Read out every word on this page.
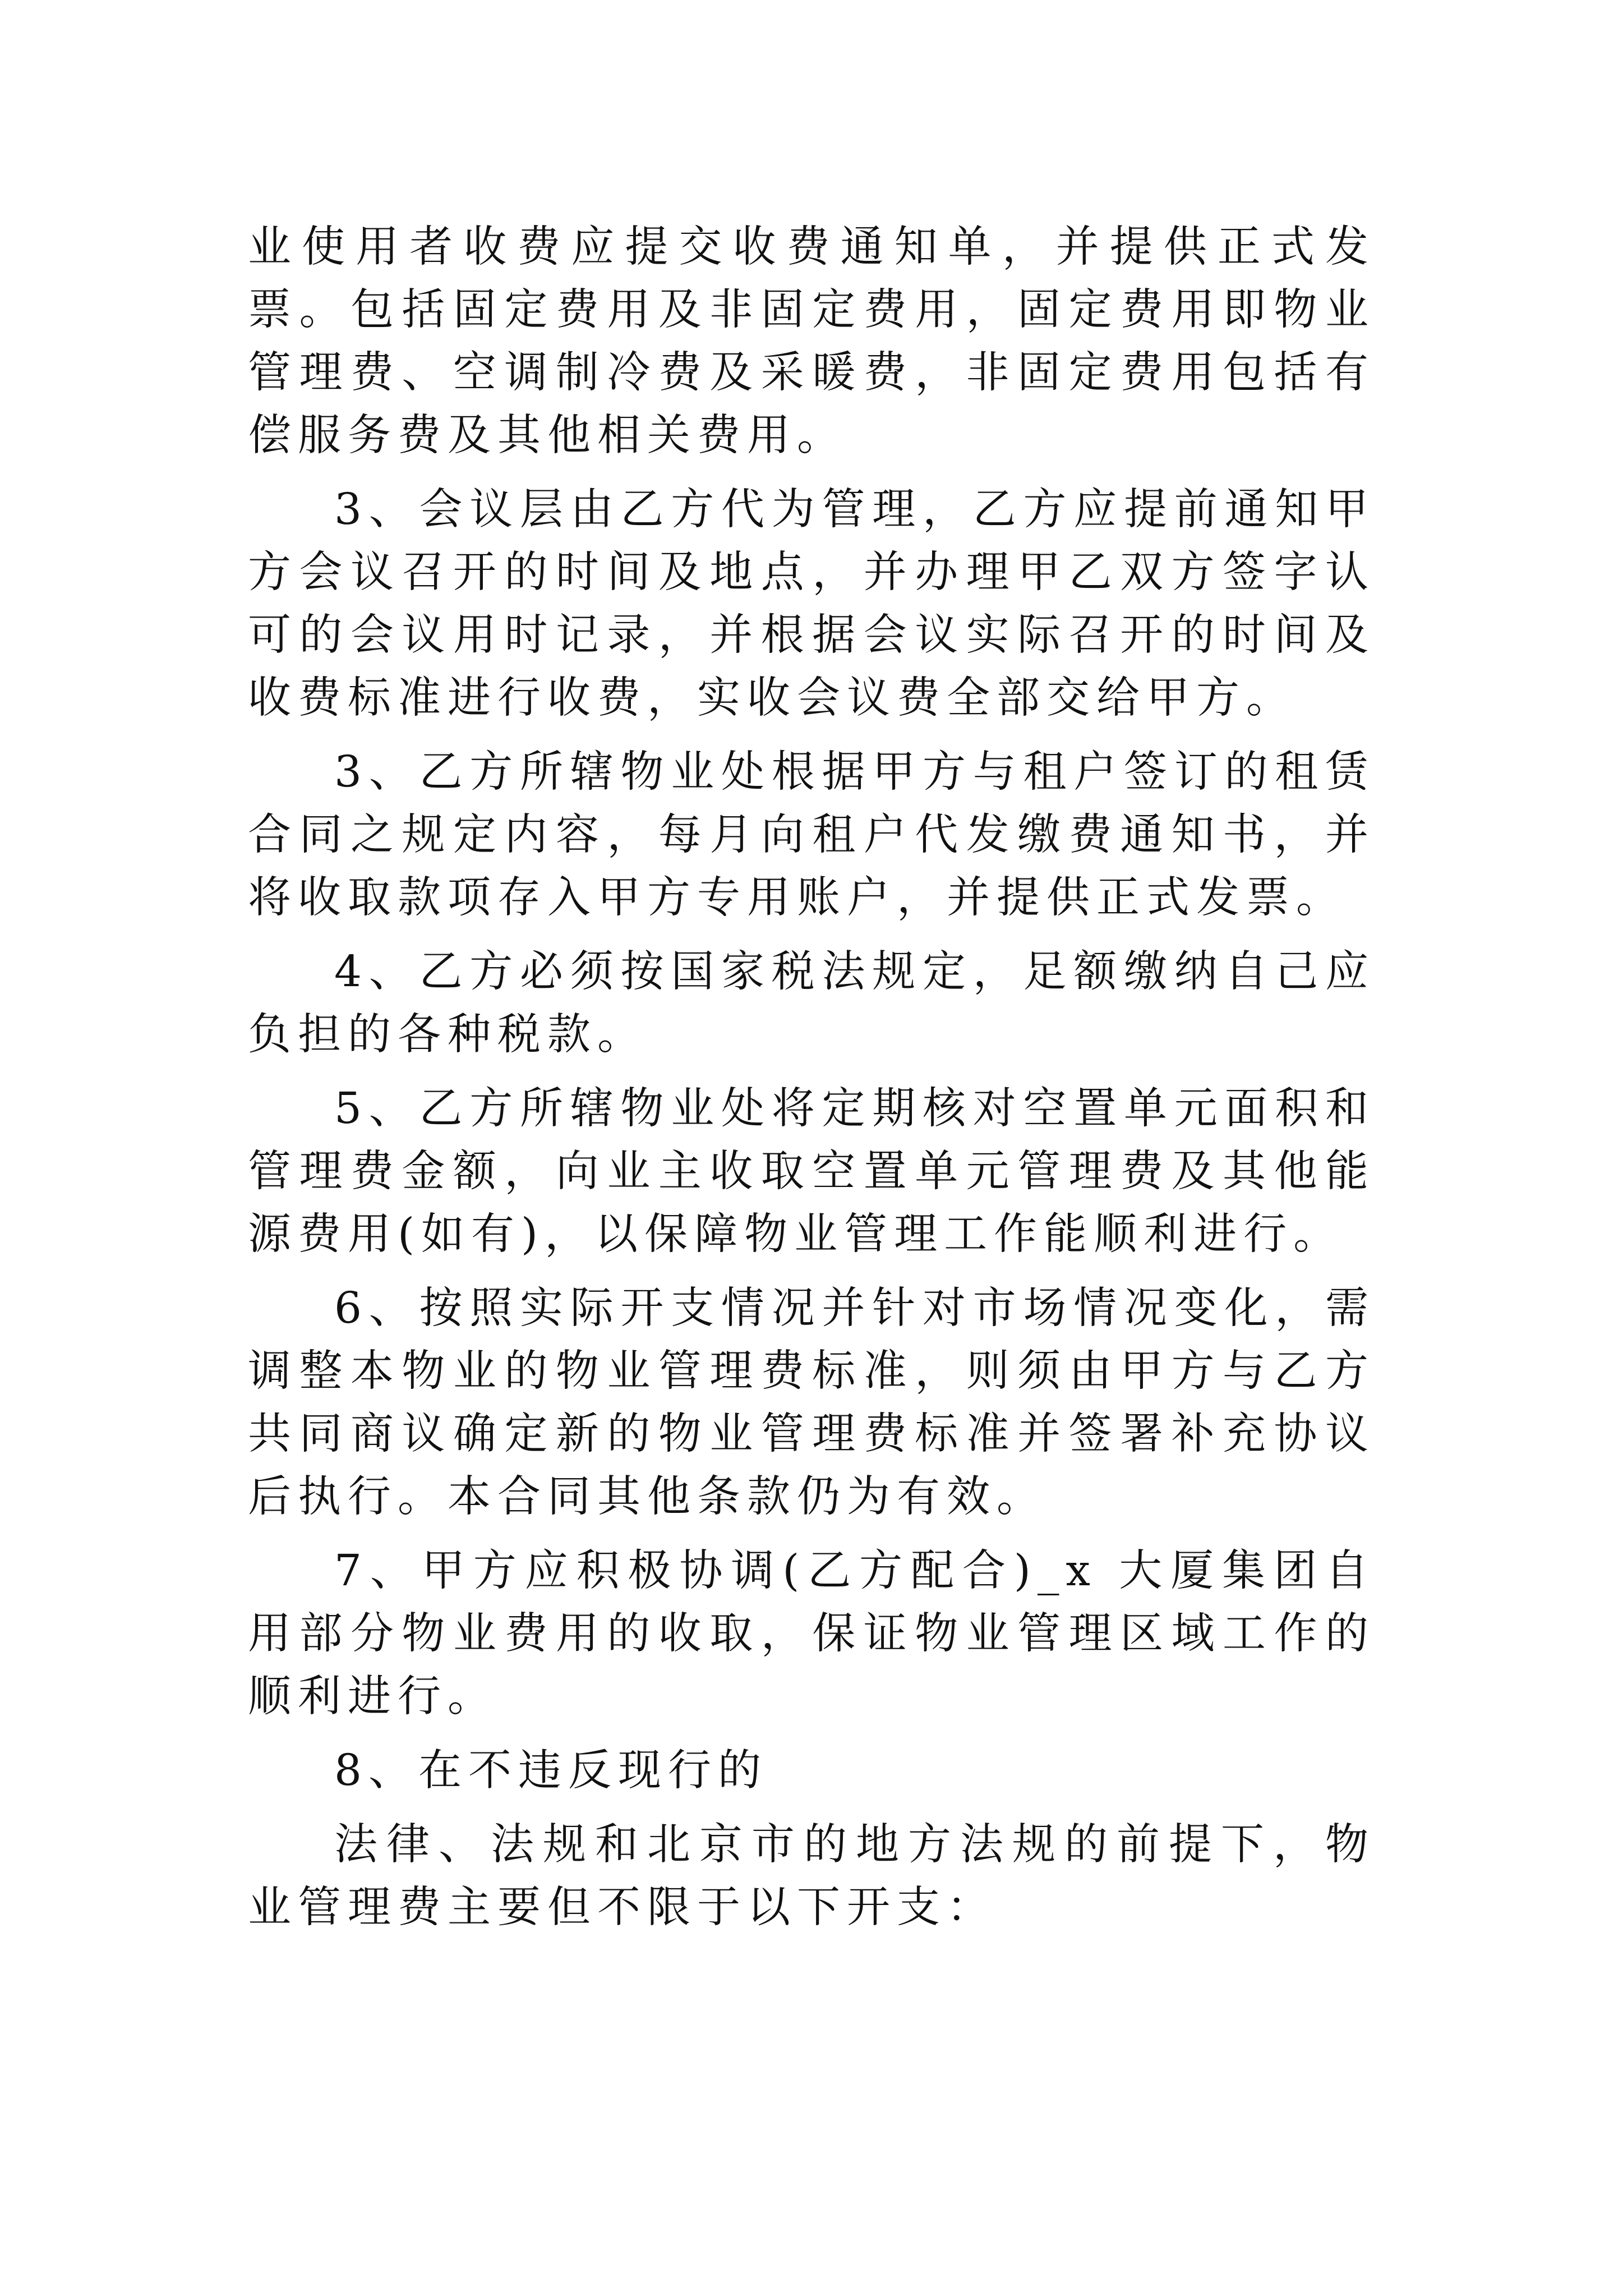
业使用者收费应提交收费通知单，并提供正式发票。包括固定费用及非固定费用，固定费用即物业管理费、空调制冷费及采暖费，非固定费用包括有偿服务费及其他相关费用。

3、会议层由乙方代为管理，乙方应提前通知甲方会议召开的时间及地点，并办理甲乙双方签字认可的会议用时记录，并根据会议实际召开的时间及收费标准进行收费，实收会议费全部交给甲方。

3、乙方所辖物业处根据甲方与租户签订的租赁合同之规定内容，每月向租户代发缴费通知书，并将收取款项存入甲方专用账户，并提供正式发票。

4、乙方必须按国家税法规定，足额缴纳自己应负担的各种税款。

5、乙方所辖物业处将定期核对空置单元面积和管理费金额，向业主收取空置单元管理费及其他能源费用(如有)，以保障物业管理工作能顺利进行。

6、按照实际开支情况并针对市场情况变化，需调整本物业的物业管理费标准，则须由甲方与乙方共同商议确定新的物业管理费标准并签署补充协议后执行。本合同其他条款仍为有效。

7、甲方应积极协调(乙方配合)_x 大厦集团自用部分物业费用的收取，保证物业管理区域工作的顺利进行。

8、在不违反现行的

法律、法规和北京市的地方法规的前提下，物业管理费主要但不限于以下开支：
